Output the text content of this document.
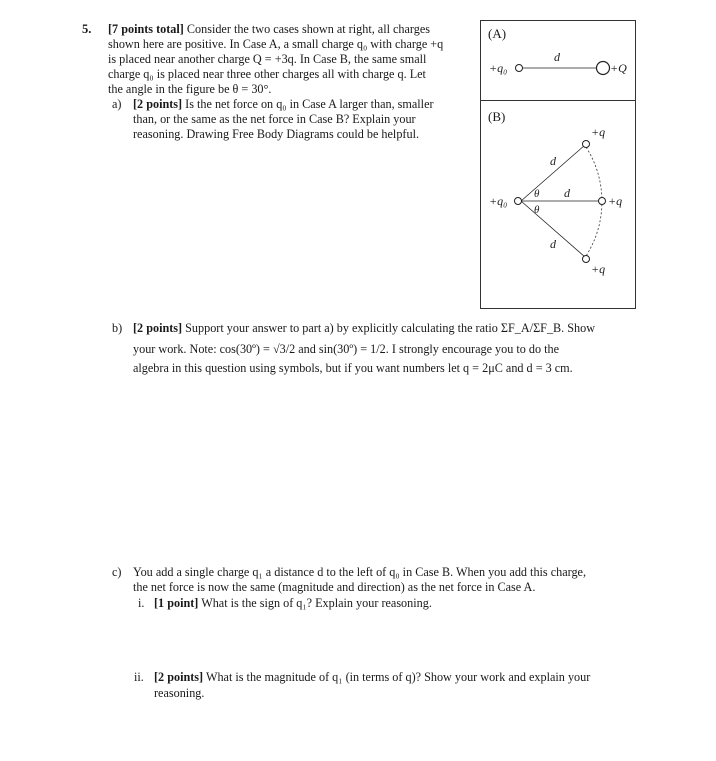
5. [7 points total] Consider the two cases shown at right, all charges
shown here are positive. In Case A, a small charge q₀ with charge +q
is placed near another charge Q = +3q. In Case B, the same small
charge q₀ is placed near three other charges all with charge q. Let
the angle in the figure be θ = 30°.
a) [2 points] Is the net force on q₀ in Case A larger than, smaller
than, or the same as the net force in Case B? Explain your
reasoning. Drawing Free Body Diagrams could be helpful.
b) [2 points] Support your answer to part a) by explicitly calculating the ratio ΣF_A/ΣF_B. Show
your work. Note: cos(30º) = √3/2 and sin(30º) = 1/2. I strongly encourage you to do the
algebra in this question using symbols, but if you want numbers let q = 2μC and d = 3 cm.
c) You add a single charge q₁ a distance d to the left of q₀ in Case B. When you add this charge,
the net force is now the same (magnitude and direction) as the net force in Case A.
i. [1 point] What is the sign of q₁? Explain your reasoning.
ii. [2 points] What is the magnitude of q₁ (in terms of q)? Show your work and explain your
reasoning.
(A)
+q₀
d
+Q
(B)
+q₀
+q
+q
+q
d
d
d
θ
θ
